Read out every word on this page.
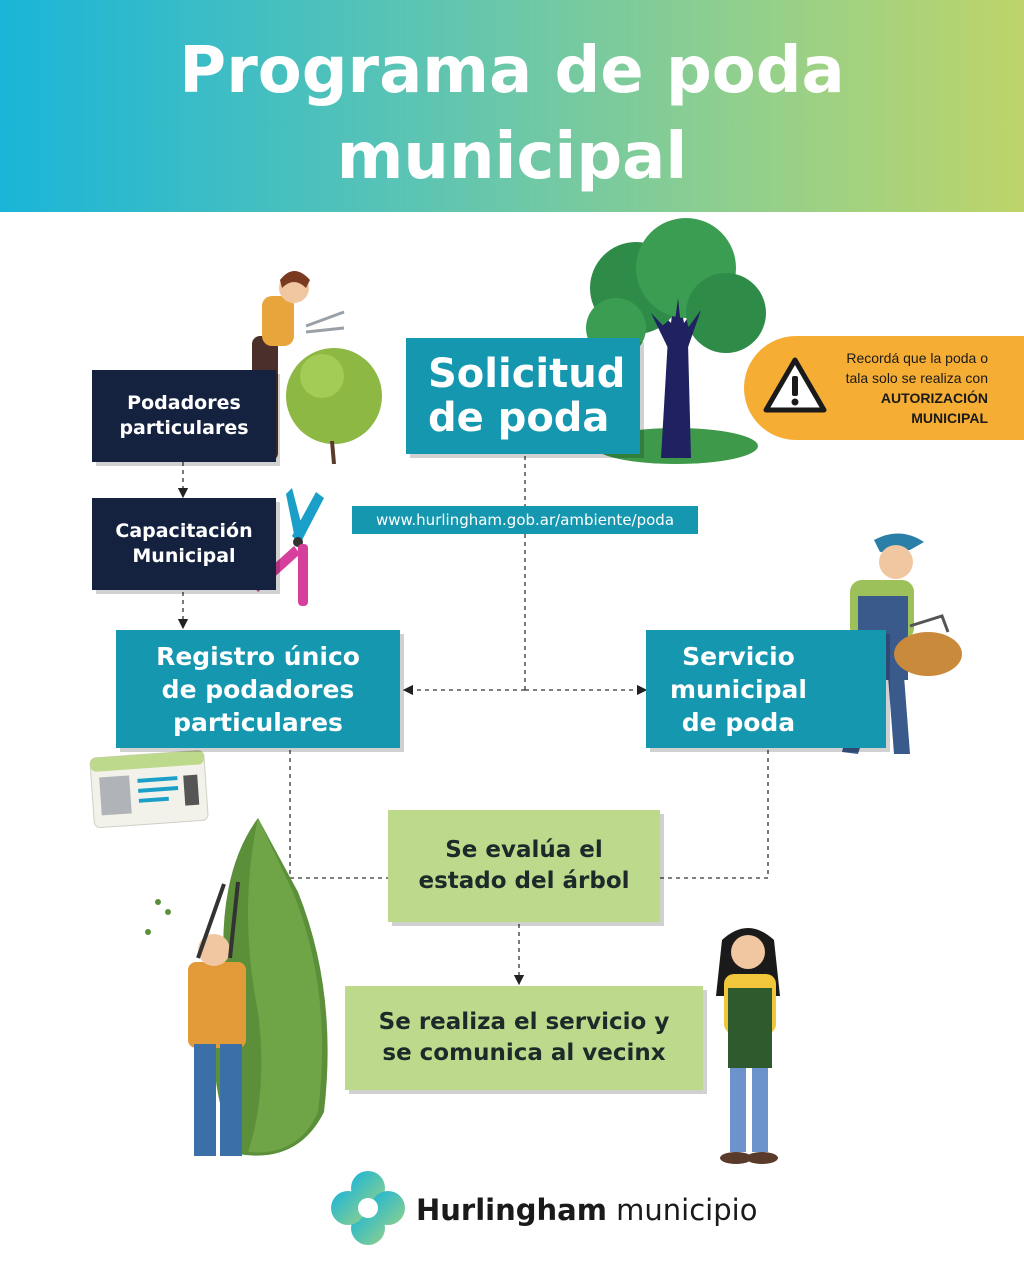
Programa de poda municipal
Podadores
particulares
Capacitación
Municipal
Solicitud
de poda
Registro único
de podadores
particulares
Servicio
municipal
de poda
Se evalúa el
estado del árbol
Se realiza el servicio y
se comunica al vecinx
www.hurlingham.gob.ar/ambiente/poda
Recordá que la poda o
tala solo se realiza con
AUTORIZACIÓN
MUNICIPAL
Hurlingham municipio
